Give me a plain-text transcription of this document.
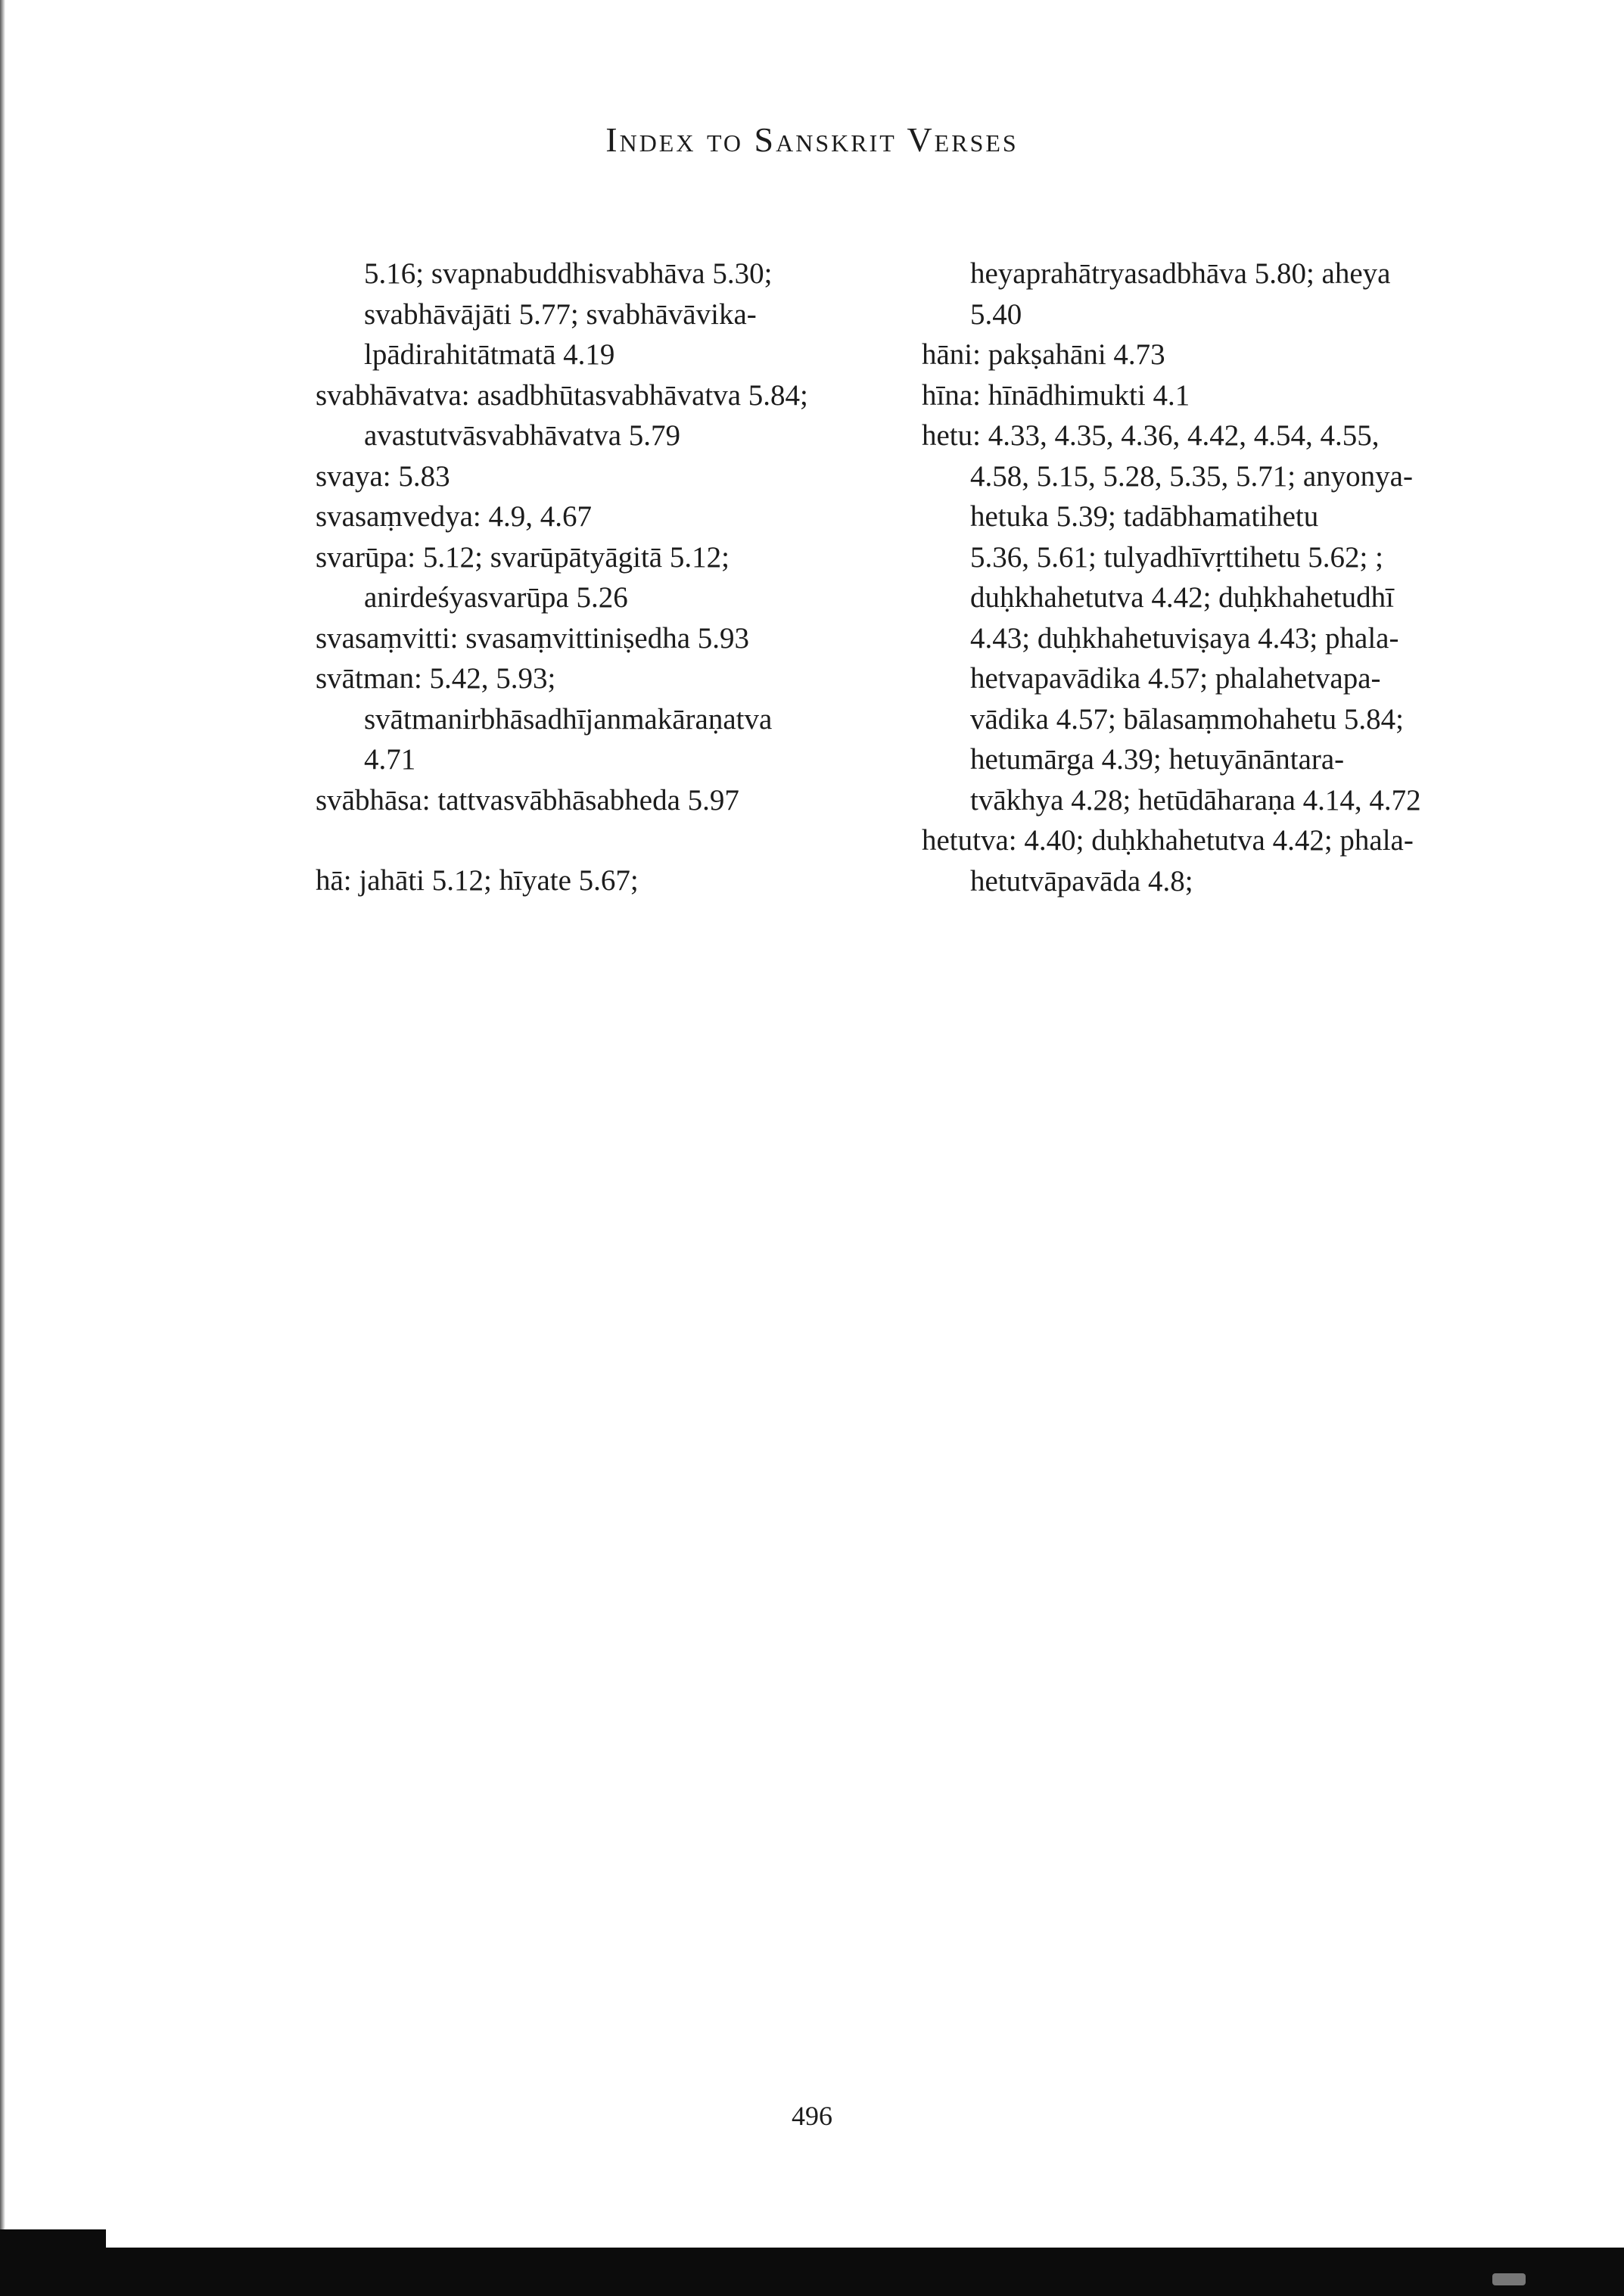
Index to Sanskrit Verses
5.16; svapnabuddhisvabhāva 5.30;
svabhāvājāti 5.77; svabhāvāvika-
lpādirahitātmatā 4.19
svabhāvatva: asadbhūtasvabhāvatva 5.84;
avastutvāsvabhāvatva 5.79
svaya: 5.83
svasaṃvedya: 4.9, 4.67
svarūpa: 5.12; svarūpātyāgitā 5.12;
anirdeśyasvarūpa 5.26
svasaṃvitti: svasaṃvittiniṣedha 5.93
svātman: 5.42, 5.93;
svātmanirbhāsadhījanmakāraṇatva
4.71
svābhāsa: tattvasvābhāsabheda 5.97
hā: jahāti 5.12; hīyate 5.67;
heyaprahātryasadbhāva 5.80; aheya
5.40
hāni: pakṣahāni 4.73
hīna: hīnādhimukti 4.1
hetu: 4.33, 4.35, 4.36, 4.42, 4.54, 4.55,
4.58, 5.15, 5.28, 5.35, 5.71; anyonya-
hetuka 5.39; tadābhamatihetu
5.36, 5.61; tulyadhīvṛttihetu 5.62; ;
duḥkhahetutva 4.42; duḥkhahetudhī
4.43; duḥkhahetuviṣaya 4.43; phala-
hetvapavādika 4.57; phalahetvapa-
vādika 4.57; bālasaṃmohahetu 5.84;
hetumārga 4.39; hetuyānāntara-
tvākhya 4.28; hetūdāharaṇa 4.14, 4.72
hetutva: 4.40; duḥkhahetutva 4.42; phala-
hetutvāpavāda 4.8;
496
